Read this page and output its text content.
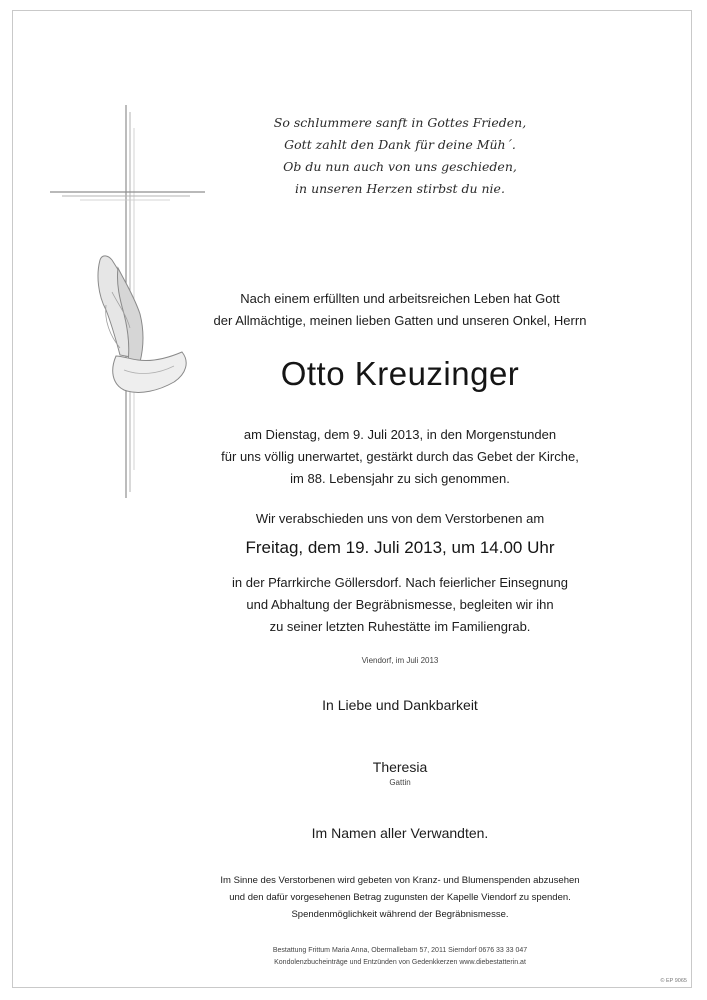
So schlummere sanft in Gottes Frieden,
Gott zahlt den Dank für deine Müh´.
Ob du nun auch von uns geschieden,
in unseren Herzen stirbst du nie.
Nach einem erfüllten und arbeitsreichen Leben hat Gott
der Allmächtige, meinen lieben Gatten und unseren Onkel, Herrn
Otto Kreuzinger
am Dienstag, dem 9. Juli 2013, in den Morgenstunden
für uns völlig unerwartet, gestärkt durch das Gebet der Kirche,
im 88. Lebensjahr zu sich genommen.
Wir verabschieden uns von dem Verstorbenen am
Freitag, dem 19. Juli 2013, um 14.00 Uhr
in der Pfarrkirche Göllersdorf. Nach feierlicher Einsegnung
und Abhaltung der Begräbnismesse, begleiten wir ihn
zu seiner letzten Ruhestätte im Familiengrab.
Viendorf, im Juli 2013
In Liebe und Dankbarkeit
Theresia
Gattin
Im Namen aller Verwandten.
Im Sinne des Verstorbenen wird gebeten von Kranz- und Blumenspenden abzusehen
und den dafür vorgesehenen Betrag zugunsten der Kapelle Viendorf zu spenden.
Spendenmöglichkeit während der Begräbnismesse.
Bestattung Frittum Maria Anna, Obermallebarn 57, 2011 Sierndorf 0676 33 33 047
Kondolenzbucheinträge und Entzünden von Gedenkkerzen www.diebestatterin.at
© EP 9065
